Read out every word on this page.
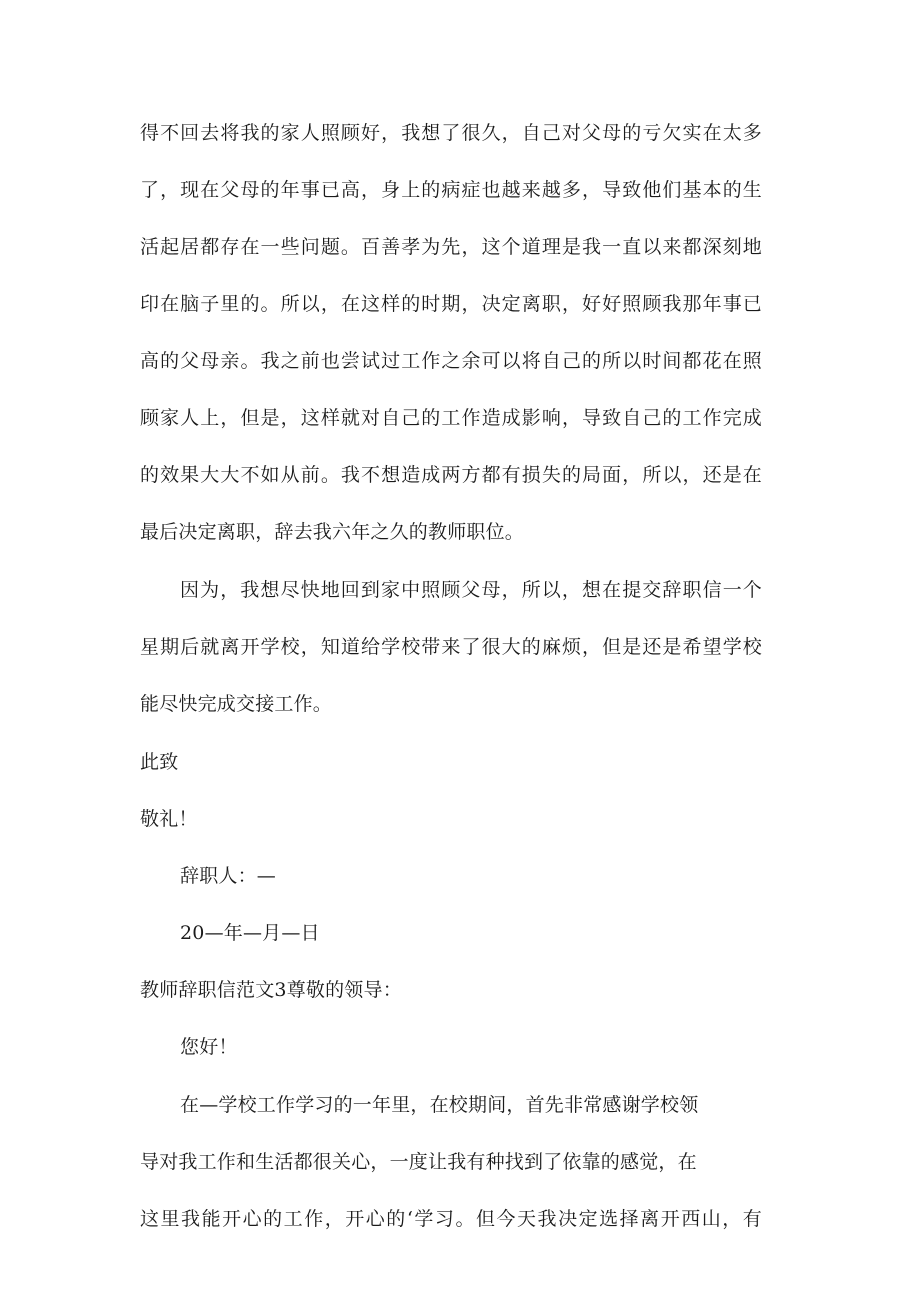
得不回去将我的家人照顾好，我想了很久，自己对父母的亏欠实在太多
了，现在父母的年事已高，身上的病症也越来越多，导致他们基本的生
活起居都存在一些问题。百善孝为先，这个道理是我一直以来都深刻地
印在脑子里的。所以，在这样的时期，决定离职，好好照顾我那年事已
高的父母亲。我之前也尝试过工作之余可以将自己的所以时间都花在照
顾家人上，但是，这样就对自己的工作造成影响，导致自己的工作完成
的效果大大不如从前。我不想造成两方都有损失的局面，所以，还是在
最后决定离职，辞去我六年之久的教师职位。
因为，我想尽快地回到家中照顾父母，所以，想在提交辞职信一个
星期后就离开学校，知道给学校带来了很大的麻烦，但是还是希望学校
能尽快完成交接工作。
此致
敬礼！
辞职人：—
20—年—月—日
教师辞职信范文3尊敬的领导：
您好！
在—学校工作学习的一年里，在校期间，首先非常感谢学校领
导对我工作和生活都很关心，一度让我有种找到了依靠的感觉，在
这里我能开心的工作，开心的‘学习。但今天我决定选择离开西山，有
